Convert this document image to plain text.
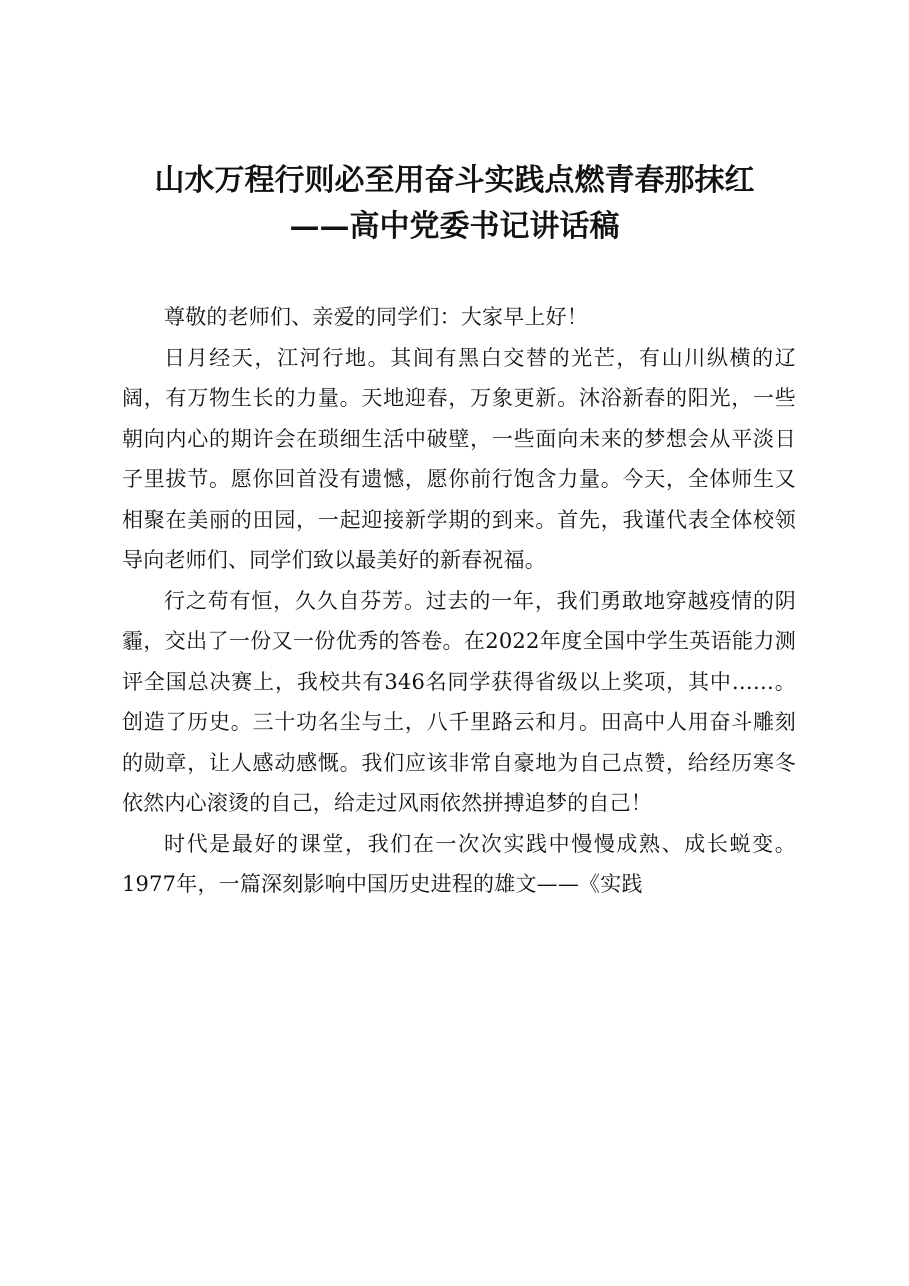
山水万程行则必至用奋斗实践点燃青春那抹红
——高中党委书记讲话稿

尊敬的老师们、亲爱的同学们：大家早上好！

日月经天，江河行地。其间有黑白交替的光芒，有山川纵横的辽阔，有万物生长的力量。天地迎春，万象更新。沐浴新春的阳光，一些朝向内心的期许会在琐细生活中破壁，一些面向未来的梦想会从平淡日子里拔节。愿你回首没有遗憾，愿你前行饱含力量。今天，全体师生又相聚在美丽的田园，一起迎接新学期的到来。首先，我谨代表全体校领导向老师们、同学们致以最美好的新春祝福。

行之苟有恒，久久自芬芳。过去的一年，我们勇敢地穿越疫情的阴霾，交出了一份又一份优秀的答卷。在2022年度全国中学生英语能力测评全国总决赛上，我校共有346名同学获得省级以上奖项，其中……。创造了历史。三十功名尘与土，八千里路云和月。田高中人用奋斗雕刻的勋章，让人感动感慨。我们应该非常自豪地为自己点赞，给经历寒冬依然内心滚烫的自己，给走过风雨依然拼搏追梦的自己！

时代是最好的课堂，我们在一次次实践中慢慢成熟、成长蜕变。1977年，一篇深刻影响中国历史进程的雄文——《实践
